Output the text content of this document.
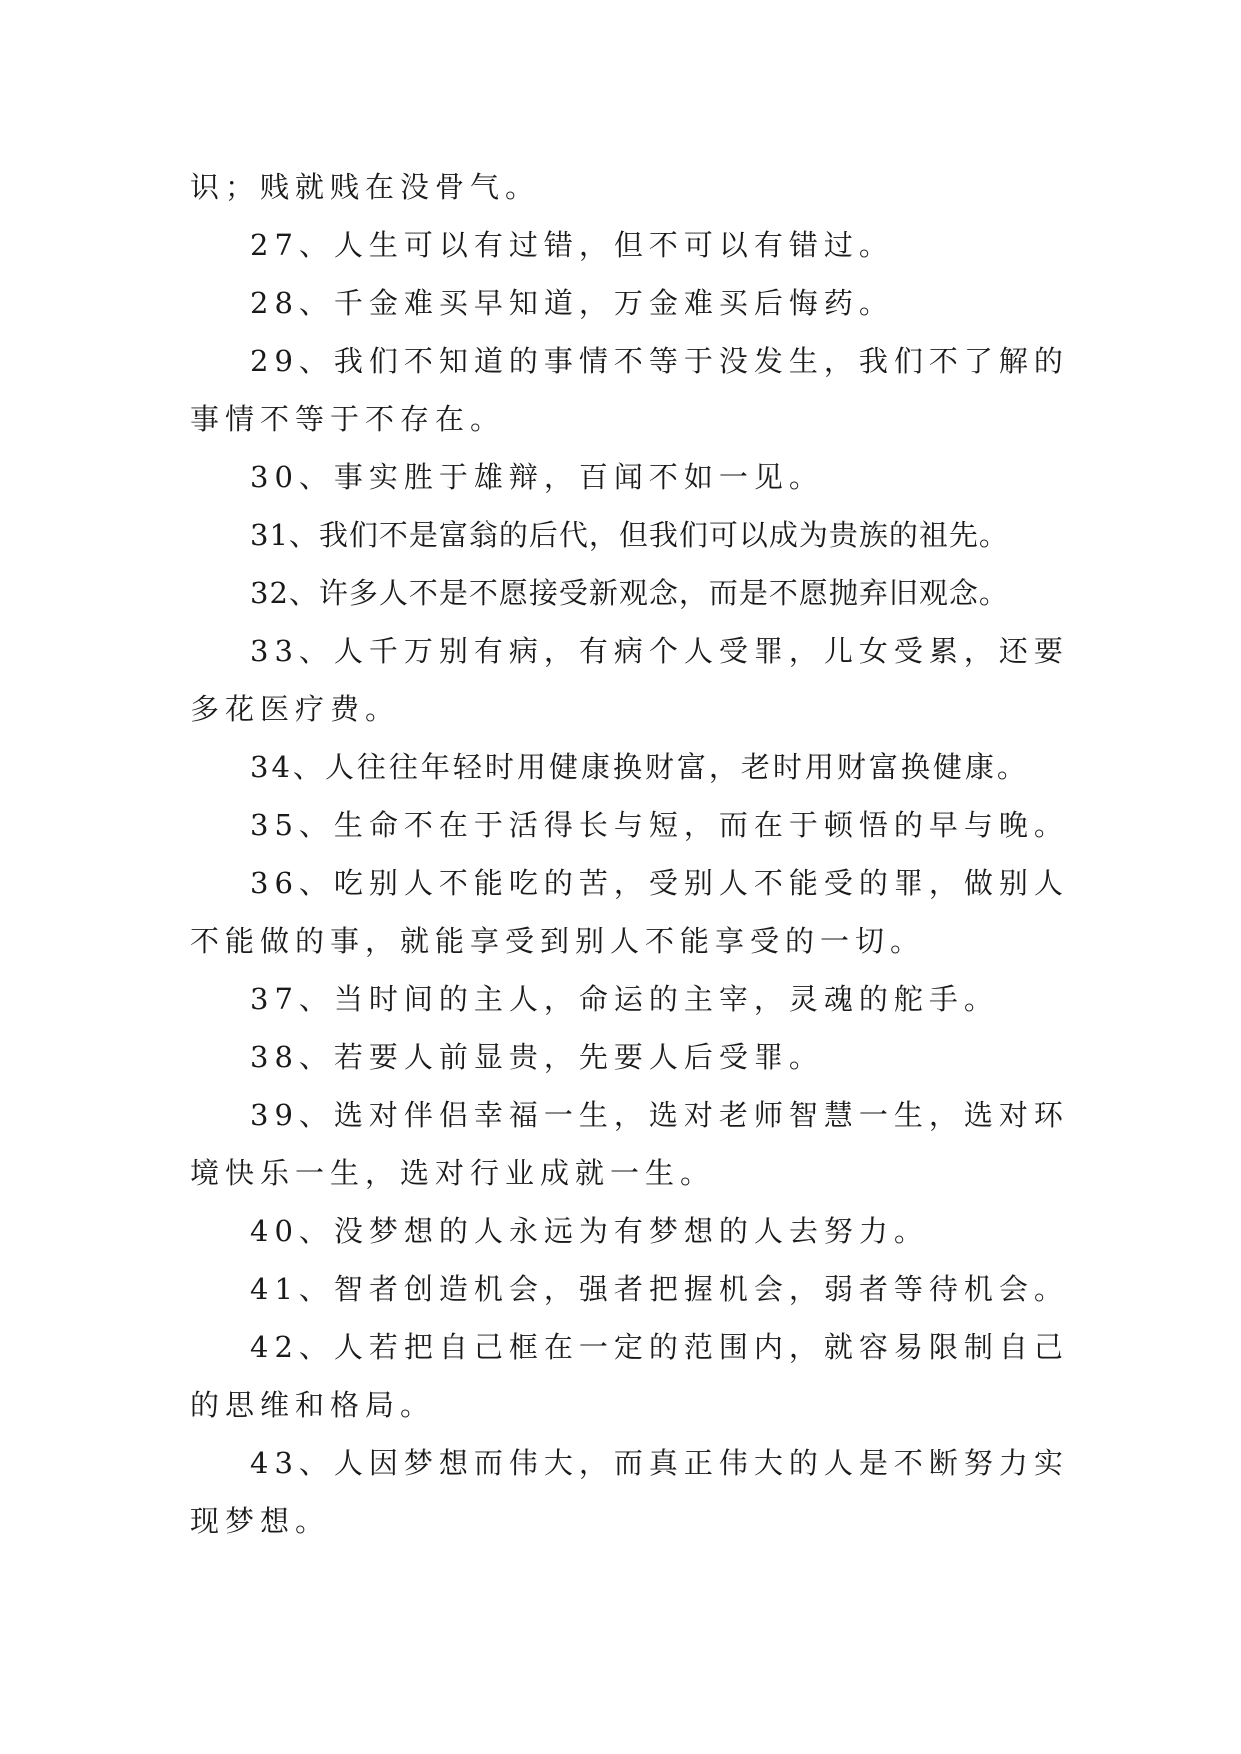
识；贱就贱在没骨气。

27、人生可以有过错，但不可以有错过。

28、千金难买早知道，万金难买后悔药。

29、我们不知道的事情不等于没发生，我们不了解的事情不等于不存在。

30、事实胜于雄辩，百闻不如一见。

31、我们不是富翁的后代，但我们可以成为贵族的祖先。

32、许多人不是不愿接受新观念，而是不愿抛弃旧观念。

33、人千万别有病，有病个人受罪，儿女受累，还要多花医疗费。

34、人往往年轻时用健康换财富，老时用财富换健康。

35、生命不在于活得长与短，而在于顿悟的早与晚。

36、吃别人不能吃的苦，受别人不能受的罪，做别人不能做的事，就能享受到别人不能享受的一切。

37、当时间的主人，命运的主宰，灵魂的舵手。

38、若要人前显贵，先要人后受罪。

39、选对伴侣幸福一生，选对老师智慧一生，选对环境快乐一生，选对行业成就一生。

40、没梦想的人永远为有梦想的人去努力。

41、智者创造机会，强者把握机会，弱者等待机会。

42、人若把自己框在一定的范围内，就容易限制自己的思维和格局。

43、人因梦想而伟大，而真正伟大的人是不断努力实现梦想。
